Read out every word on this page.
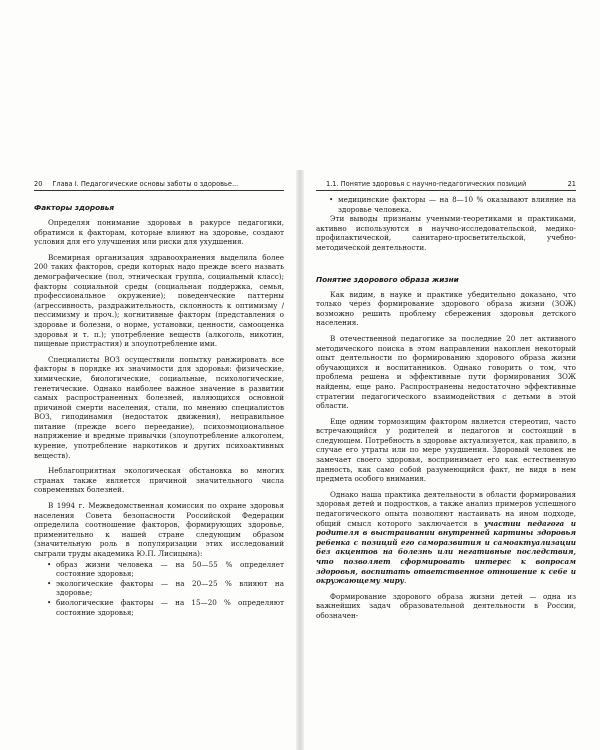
20	Глава I. Педагогические основы заботы о здоровье...
Факторы здоровья

Определяя понимание здоровья в ракурсе педагогики, обратимся к факторам, которые влияют на здоровье, создают условия для его улучшения или риски для ухудшения.

Всемирная организация здравоохранения выделила более 200 таких факторов, среди которых надо прежде всего назвать демографические (пол, этническая группа, социальный класс); факторы социальной среды (социальная поддержка, семья, профессиональное окружение); поведенческие паттерны (агрессивность, раздражительность, склонность к оптимизму / пессимизму и проч.); когнитивные факторы (представления о здоровье и болезни, о норме, установки, ценности, самооценка здоровья и т. п.); употребление веществ (алкоголь, никотин, пищевые пристрастия) и злоупотребление ими.

Специалисты ВОЗ осуществили попытку ранжировать все факторы в порядке их значимости для здоровья: физические, химические, биологические, социальные, психологические, генетические. Однако наиболее важное значение в развитии самых распространенных болезней, являющихся основной причиной смерти населения, стали, по мнению специалистов ВОЗ, гиподинамия (недостаток движения), неправильное питание (прежде всего переедание), психоэмоциональное напряжение и вредные привычки (злоупотребление алкоголем, курение, употребление наркотиков и других психоактивных веществ).

Неблагоприятная экологическая обстановка во многих странах также является причиной значительного числа современных болезней.

В 1994 г. Межведомственная комиссия по охране здоровья населения Совета безопасности Российской Федерации определила соотношение факторов, формирующих здоровье, применительно к нашей стране следующим образом (значительную роль в популяризации этих исследований сыграли труды академика Ю.П. Лисицына):

• образ жизни человека — на 50—55 % определяет состояние здоровья;
• экологические факторы — на 20—25 % влияют на здоровье;
• биологические факторы — на 15—20 % определяют состояние здоровья;
1.1. Понятие здоровья с научно-педагогических позиций	21
• медицинские факторы — на 8—10 % оказывают влияние на здоровье человека.

Эти выводы признаны учеными-теоретиками и практиками, активно используются в научно-исследовательской, медико-профилактической, санитарно-просветительской, учебно-методической деятельности.

Понятие здорового образа жизни

Как видим, в науке и практике убедительно доказано, что только через формирование здорового образа жизни (ЗОЖ) возможно решить проблему сбережения здоровья детского населения.

В отечественной педагогике за последние 20 лет активного методического поиска в этом направлении накоплен некоторый опыт деятельности по формированию здорового образа жизни обучающихся и воспитанников. Однако говорить о том, что проблема решена и эффективные пути формирования ЗОЖ найдены, еще рано. Распространены недостаточно эффективные стратегии педагогического взаимодействия с детьми в этой области.

Еще одним тормозящим фактором является стереотип, часто встречающийся у родителей и педагогов и состоящий в следующем. Потребность в здоровье актуализуется, как правило, в случае его утраты или по мере ухудшения. Здоровый человек не замечает своего здоровья, воспринимает его как естественную данность, как само собой разумеющийся факт, не видя в нем предмета особого внимания.

Однако наша практика деятельности в области формирования здоровья детей и подростков, а также анализ примеров успешного педагогического опыта позволяют настаивать на ином подходе, общий смысл которого заключается в участии педагога и родителя в выстраивании внутренней картины здоровья ребенка с позиций его саморазвития и самоактуализации без акцентов на болезнь или негативные последствия, что позволяет сформировать интерес к вопросам здоровья, воспитать ответственное отношение к себе и окружающему миру.

Формирование здорового образа жизни детей — одна из важнейших задач образовательной деятельности в России, обозначен-
